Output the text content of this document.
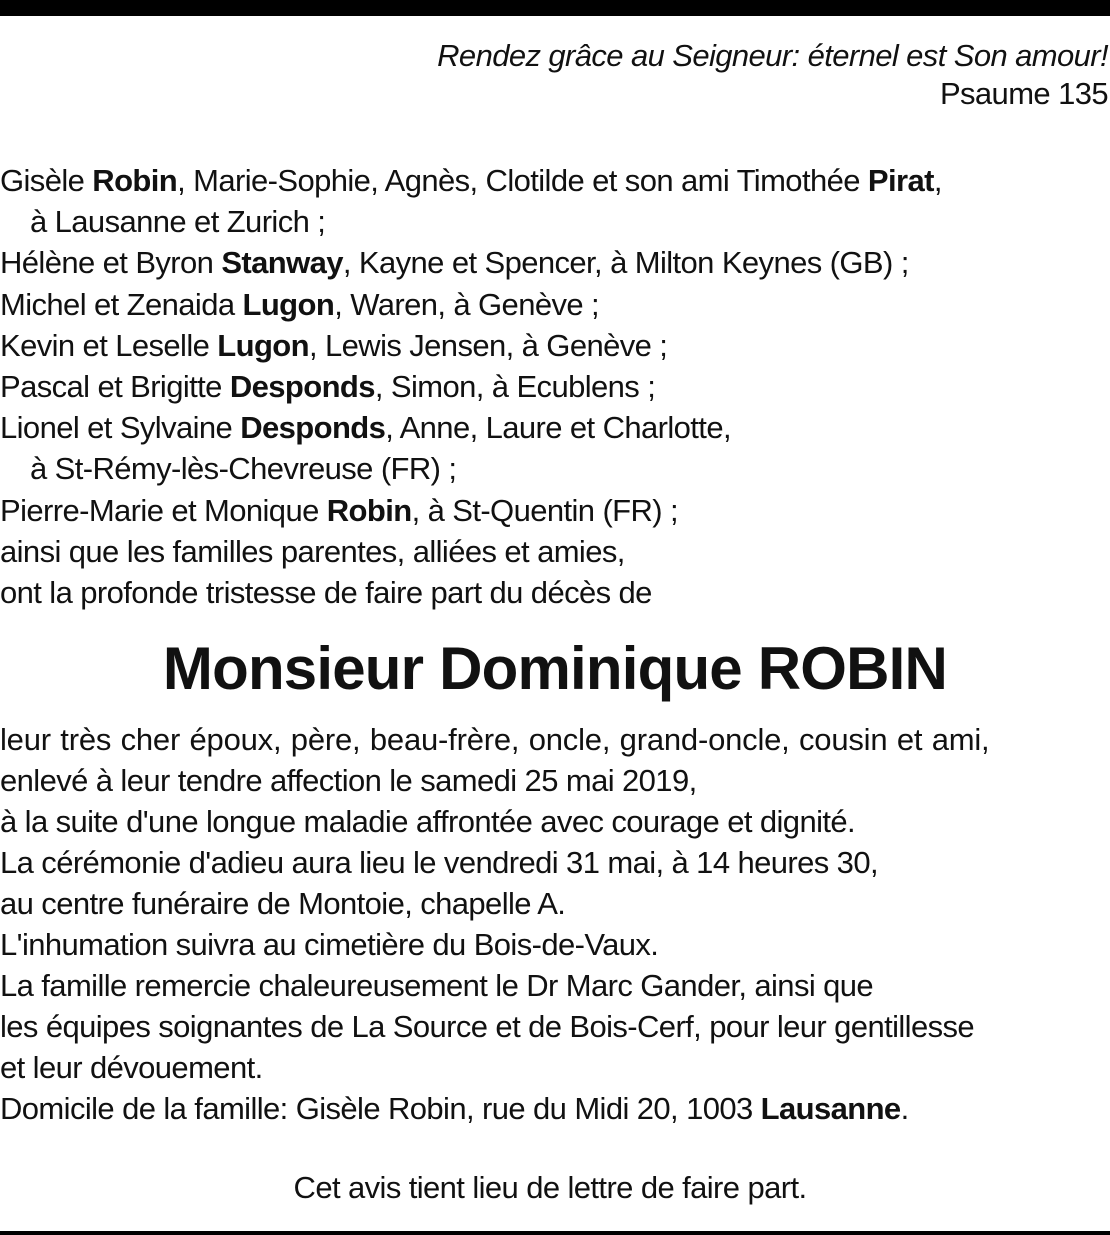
Rendez grâce au Seigneur: éternel est Son amour!
Psaume 135
Gisèle Robin, Marie-Sophie, Agnès, Clotilde et son ami Timothée Pirat,
à Lausanne et Zurich ;
Hélène et Byron Stanway, Kayne et Spencer, à Milton Keynes (GB) ;
Michel et Zenaida Lugon, Waren, à Genève ;
Kevin et Leselle Lugon, Lewis Jensen, à Genève ;
Pascal et Brigitte Desponds, Simon, à Ecublens ;
Lionel et Sylvaine Desponds, Anne, Laure et Charlotte,
à St-Rémy-lès-Chevreuse (FR) ;
Pierre-Marie et Monique Robin, à St-Quentin (FR) ;
ainsi que les familles parentes, alliées et amies,
ont la profonde tristesse de faire part du décès de
Monsieur Dominique ROBIN
leur très cher époux, père, beau-frère, oncle, grand-oncle, cousin et ami,
enlevé à leur tendre affection le samedi 25 mai 2019,
à la suite d'une longue maladie affrontée avec courage et dignité.
La cérémonie d'adieu aura lieu le vendredi 31 mai, à 14 heures 30,
au centre funéraire de Montoie, chapelle A.
L'inhumation suivra au cimetière du Bois-de-Vaux.
La famille remercie chaleureusement le Dr Marc Gander, ainsi que
les équipes soignantes de La Source et de Bois-Cerf, pour leur gentillesse
et leur dévouement.
Domicile de la famille: Gisèle Robin, rue du Midi 20, 1003 Lausanne.
Cet avis tient lieu de lettre de faire part.
